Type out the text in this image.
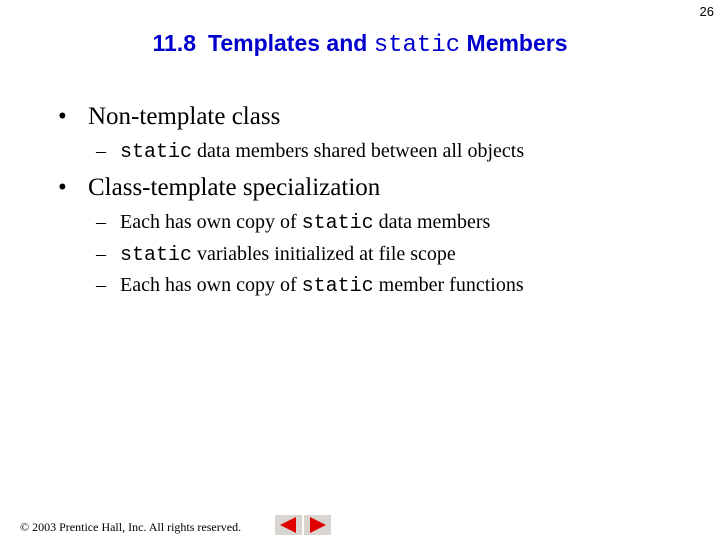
26
11.8 Templates and static Members
• Non-template class
– static data members shared between all objects
• Class-template specialization
– Each has own copy of static data members
– static variables initialized at file scope
– Each has own copy of static member functions
© 2003 Prentice Hall, Inc. All rights reserved.
